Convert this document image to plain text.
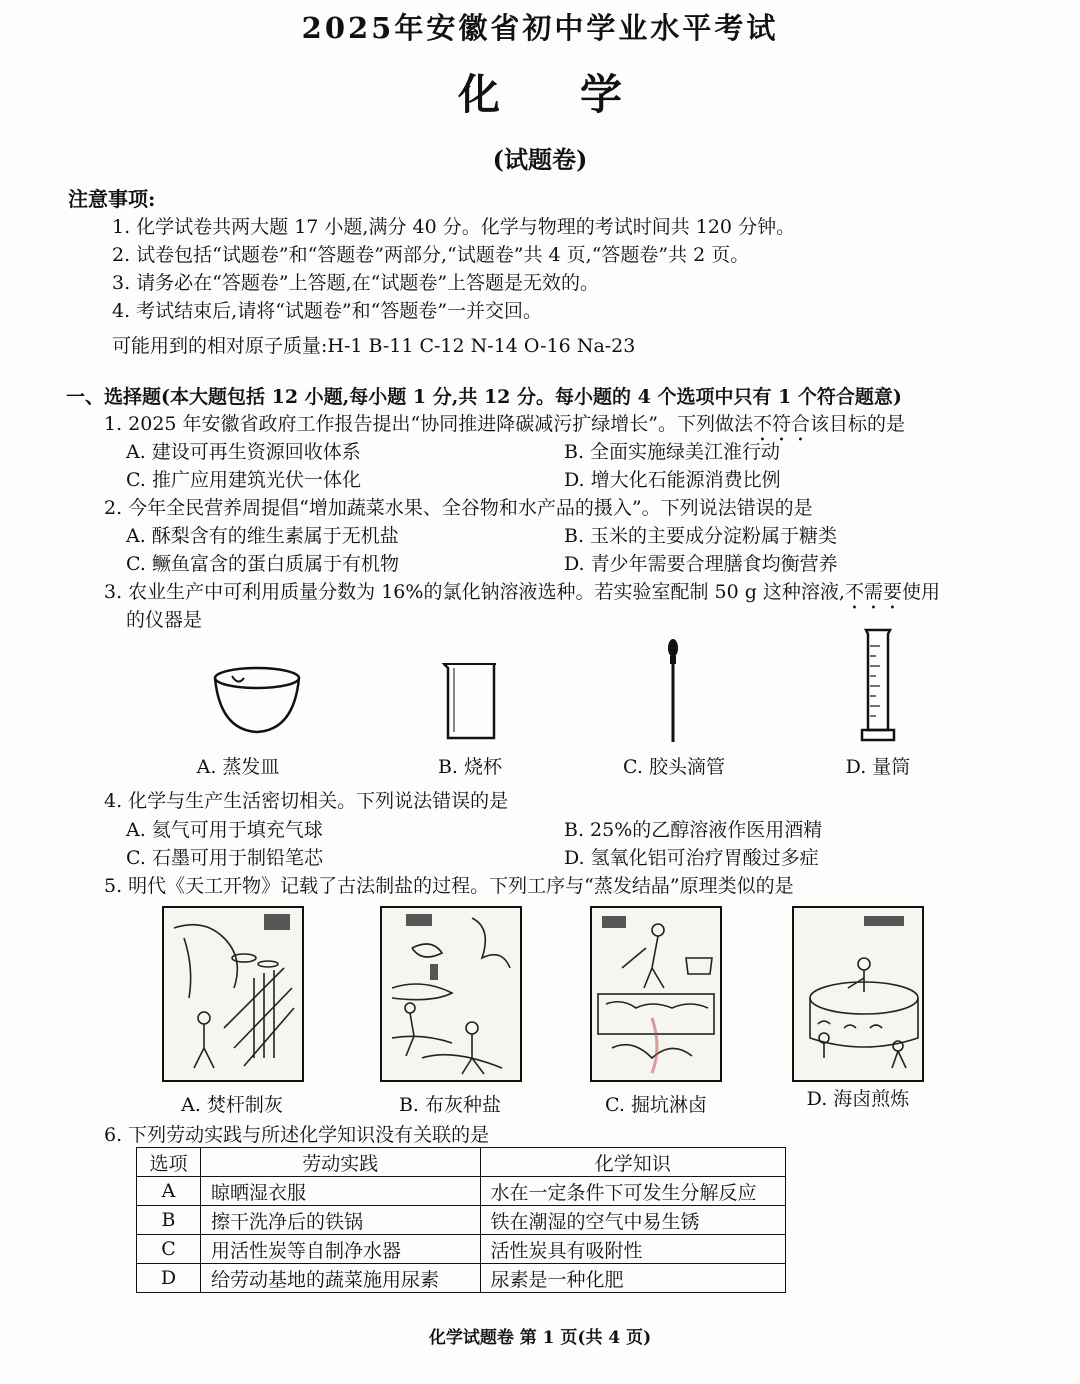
2025年安徽省初中学业水平考试
化学
(试题卷)
注意事项:
1. 化学试卷共两大题 17 小题,满分 40 分。化学与物理的考试时间共 120 分钟。
2. 试卷包括“试题卷”和“答题卷”两部分,“试题卷”共 4 页,“答题卷”共 2 页。
3. 请务必在“答题卷”上答题,在“试题卷”上答题是无效的。
4. 考试结束后,请将“试题卷”和“答题卷”一并交回。
可能用到的相对原子质量:H-1 B-11 C-12 N-14 O-16 Na-23
一、选择题(本大题包括 12 小题,每小题 1 分,共 12 分。每小题的 4 个选项中只有 1 个符合题意)
1. 2025 年安徽省政府工作报告提出“协同推进降碳减污扩绿增长”。下列做法不符合该目标的是
A. 建设可再生资源回收体系	B. 全面实施绿美江淮行动
C. 推广应用建筑光伏一体化	D. 增大化石能源消费比例
2. 今年全民营养周提倡“增加蔬菜水果、全谷物和水产品的摄入”。下列说法错误的是
A. 酥梨含有的维生素属于无机盐	B. 玉米的主要成分淀粉属于糖类
C. 鳜鱼富含的蛋白质属于有机物	D. 青少年需要合理膳食均衡营养
3. 农业生产中可利用质量分数为 16%的氯化钠溶液选种。若实验室配制 50 g 这种溶液,不需要使用
的仪器是
A. 蒸发皿	B. 烧杯	C. 胶头滴管	D. 量筒
4. 化学与生产生活密切相关。下列说法错误的是
A. 氦气可用于填充气球	B. 25%的乙醇溶液作医用酒精
C. 石墨可用于制铅笔芯	D. 氢氧化铝可治疗胃酸过多症
5. 明代《天工开物》记载了古法制盐的过程。下列工序与“蒸发结晶”原理类似的是
A. 焚杆制灰	B. 布灰种盐	C. 掘坑淋卤	D. 海卤煎炼
6. 下列劳动实践与所述化学知识没有关联的是
选项	劳动实践	化学知识
A	晾晒湿衣服	水在一定条件下可发生分解反应
B	擦干洗净后的铁锅	铁在潮湿的空气中易生锈
C	用活性炭等自制净水器	活性炭具有吸附性
D	给劳动基地的蔬菜施用尿素	尿素是一种化肥
化学试题卷 第 1 页(共 4 页)
